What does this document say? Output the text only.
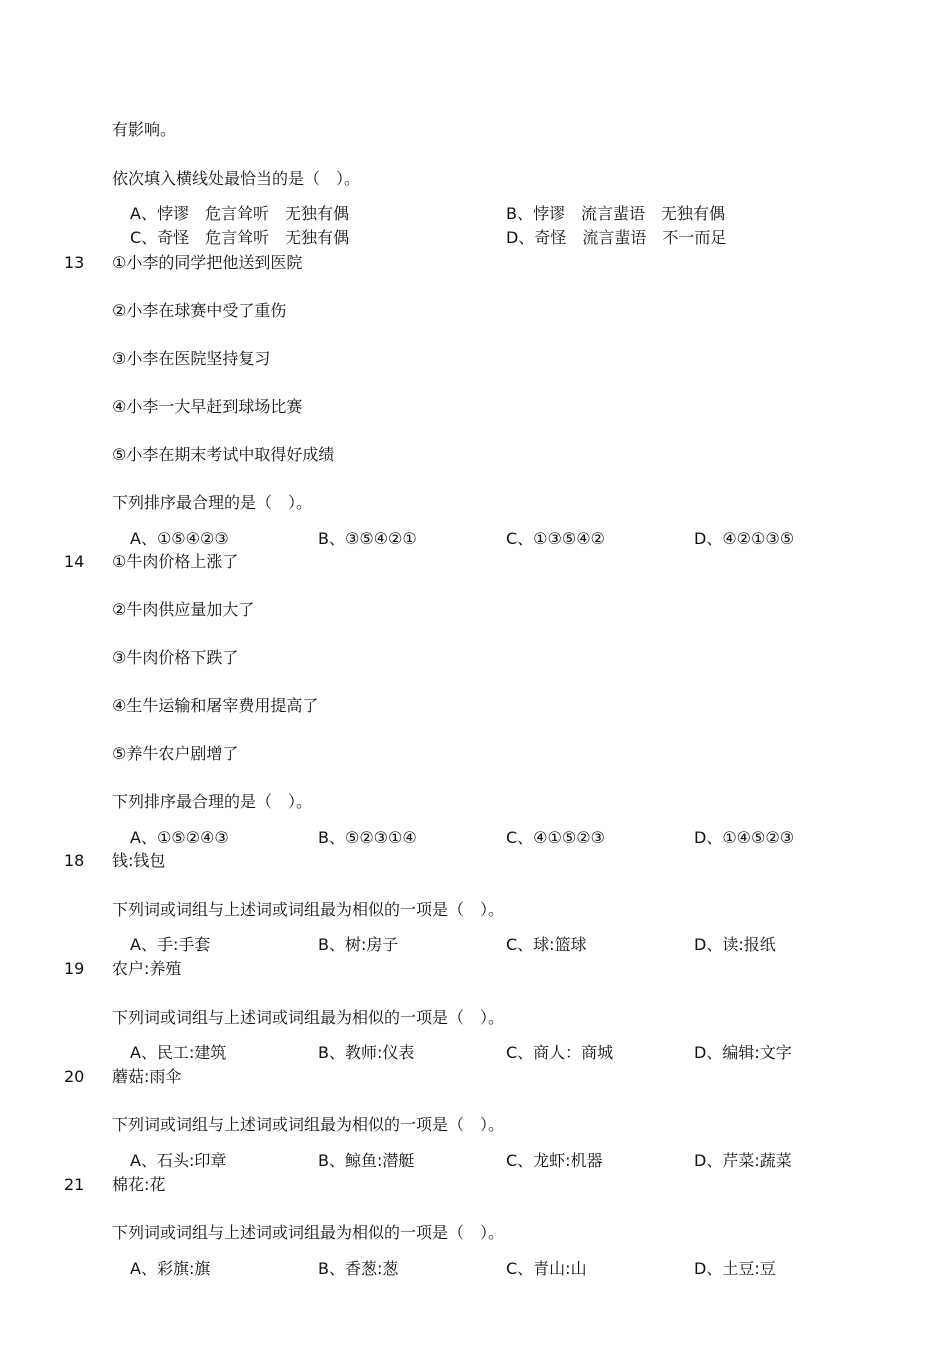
有影响。
依次填入横线处最恰当的是（　）。
A、悖谬　危言耸听　无独有偶	B、悖谬　流言蜚语　无独有偶
C、奇怪　危言耸听　无独有偶	D、奇怪　流言蜚语　不一而足
13 ①小李的同学把他送到医院
②小李在球赛中受了重伤
③小李在医院坚持复习
④小李一大早赶到球场比赛
⑤小李在期末考试中取得好成绩
下列排序最合理的是（　）。
A、①⑤④②③	B、③⑤④②①	C、①③⑤④②	D、④②①③⑤
14 ①牛肉价格上涨了
②牛肉供应量加大了
③牛肉价格下跌了
④生牛运输和屠宰费用提高了
⑤养牛农户剧增了
下列排序最合理的是（　）。
A、①⑤②④③	B、⑤②③①④	C、④①⑤②③	D、①④⑤②③
18 钱:钱包
下列词或词组与上述词或词组最为相似的一项是（　）。
A、手:手套	B、树:房子	C、球:篮球	D、读:报纸
19 农户:养殖
下列词或词组与上述词或词组最为相似的一项是（　）。
A、民工:建筑	B、教师:仪表	C、商人：商城	D、编辑:文字
20 蘑菇:雨伞
下列词或词组与上述词或词组最为相似的一项是（　）。
A、石头:印章	B、鲸鱼:潜艇	C、龙虾:机器	D、芹菜:蔬菜
21 棉花:花
下列词或词组与上述词或词组最为相似的一项是（　）。
A、彩旗:旗	B、香葱:葱	C、青山:山	D、土豆:豆
